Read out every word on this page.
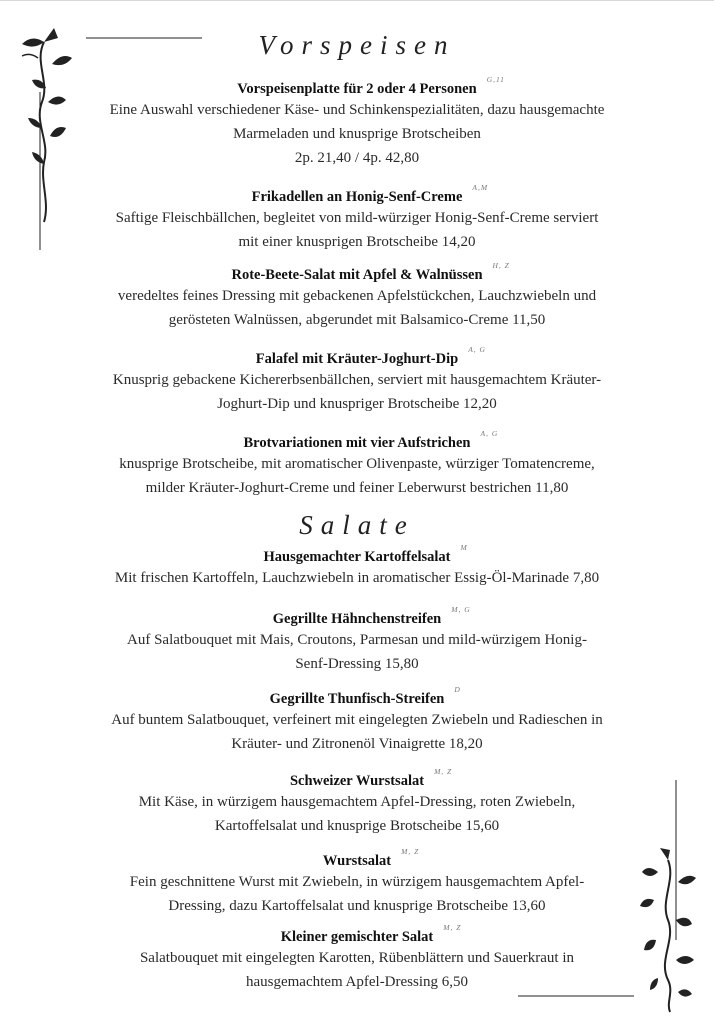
Vorspeisen
Vorspeisenplatte für 2 oder 4 Personen
G,11
Eine Auswahl verschiedener Käse- und Schinkenspezialitäten, dazu hausgemachte
Marmeladen und knusprige Brotscheiben
2p. 21,40 / 4p. 42,80
Frikadellen an Honig-Senf-Creme
A,M
Saftige Fleischbällchen, begleitet von mild-würziger Honig-Senf-Creme serviert
mit einer knusprigen Brotscheibe 14,20
Rote-Beete-Salat mit Apfel & Walnüssen
H, Z
veredeltes feines Dressing mit gebackenen Apfelstückchen, Lauchzwiebeln und
gerösteten Walnüssen, abgerundet mit Balsamico-Creme 11,50
Falafel mit Kräuter-Joghurt-Dip
A, G
Knusprig gebackene Kichererbsenbällchen, serviert mit hausgemachtem Kräuter-
Joghurt-Dip und knuspriger Brotscheibe 12,20
Brotvariationen mit vier Aufstrichen
A, G
knusprige Brotscheibe, mit aromatischer Olivenpaste, würziger Tomatencreme,
milder Kräuter-Joghurt-Creme und feiner Leberwurst bestrichen 11,80
Salate
Hausgemachter Kartoffelsalat
M
Mit frischen Kartoffeln, Lauchzwiebeln in aromatischer Essig-Öl-Marinade 7,80
Gegrillte Hähnchenstreifen
M, G
Auf Salatbouquet mit Mais, Croutons, Parmesan und mild-würzigem Honig-
Senf-Dressing 15,80
Gegrillte Thunfisch-Streifen
D
Auf buntem Salatbouquet, verfeinert mit eingelegten Zwiebeln und Radieschen in
Kräuter- und Zitronenöl Vinaigrette 18,20
Schweizer Wurstsalat
M, Z
Mit Käse, in würzigem hausgemachtem Apfel-Dressing, roten Zwiebeln,
Kartoffelsalat und knusprige Brotscheibe 15,60
Wurstsalat
M, Z
Fein geschnittene Wurst mit Zwiebeln, in würzigem hausgemachtem Apfel-
Dressing, dazu Kartoffelsalat und knusprige Brotscheibe 13,60
Kleiner gemischter Salat
M, Z
Salatbouquet mit eingelegten Karotten, Rübenblättern und Sauerkraut in
hausgemachtem Apfel-Dressing 6,50
